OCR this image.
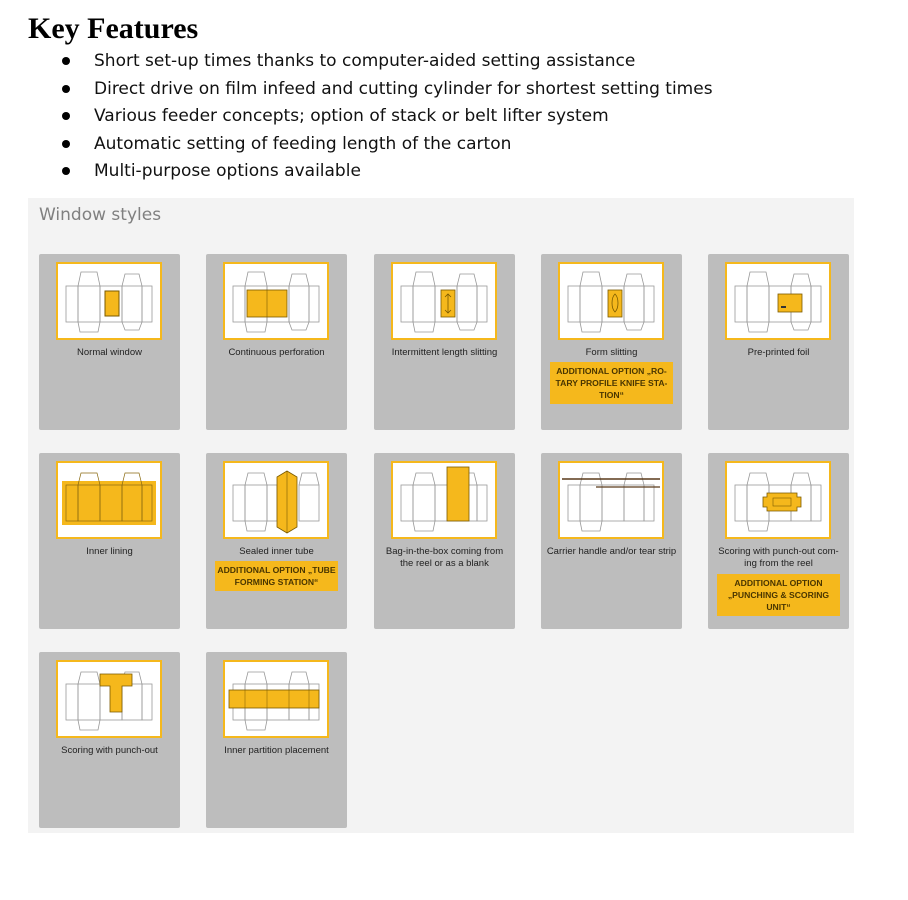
Key Features
Short set-up times thanks to computer-aided setting assistance
Direct drive on film infeed and cutting cylinder for shortest setting times
Various feeder concepts; option of stack or belt lifter system
Automatic setting of feeding length of the carton
Multi-purpose options available
Window styles
Normal window	Continuous perforation	Intermittent length slitting	Form slitting
ADDITIONAL OPTION „RO-TARY PROFILE KNIFE STA-TION“
Pre-printed foil
Inner lining	Sealed inner tube
ADDITIONAL OPTION „TUBE FORMING STATION“
Bag-in-the-box coming from the reel or as a blank
Carrier handle and/or tear strip	Scoring with punch-out com-ing from the reel
ADDITIONAL OPTION „PUNCHING & SCORING UNIT“
Scoring with punch-out	Inner partition placement
